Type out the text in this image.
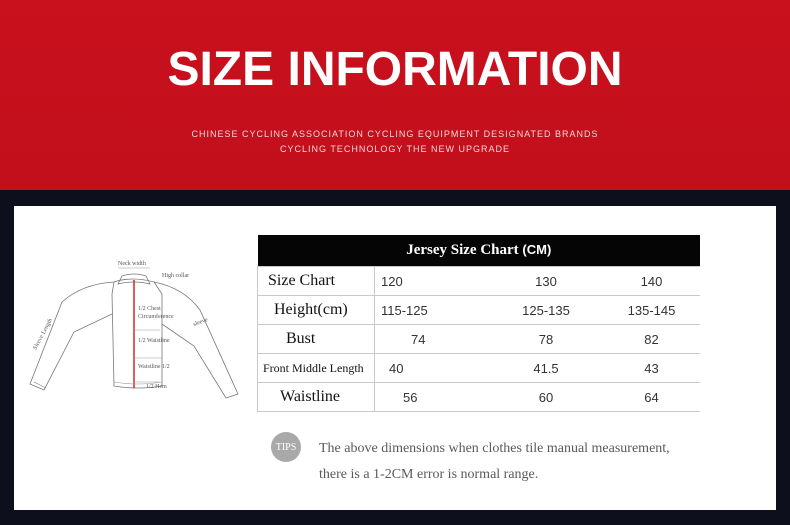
SIZE INFORMATION
CHINESE CYCLING ASSOCIATION CYCLING EQUIPMENT DESIGNATED BRANDS
CYCLING TECHNOLOGY THE NEW UPGRADE
Neck width
High collar
Sleeve Length
1/2 Chest
Circumference
sleeve
1/2 Waistline
Waistline 1/2
1/2 Hem
Jersey Size Chart (CM)			
Size Chart	120	130	140
Height(cm)	115-125	125-135	135-145
Bust	74	78	82
Front Middle Length	40	41.5	43
Waistline	56	60	64
TIPS	The above dimensions when clothes tile manual measurement,
there is a 1-2CM error is normal range.
